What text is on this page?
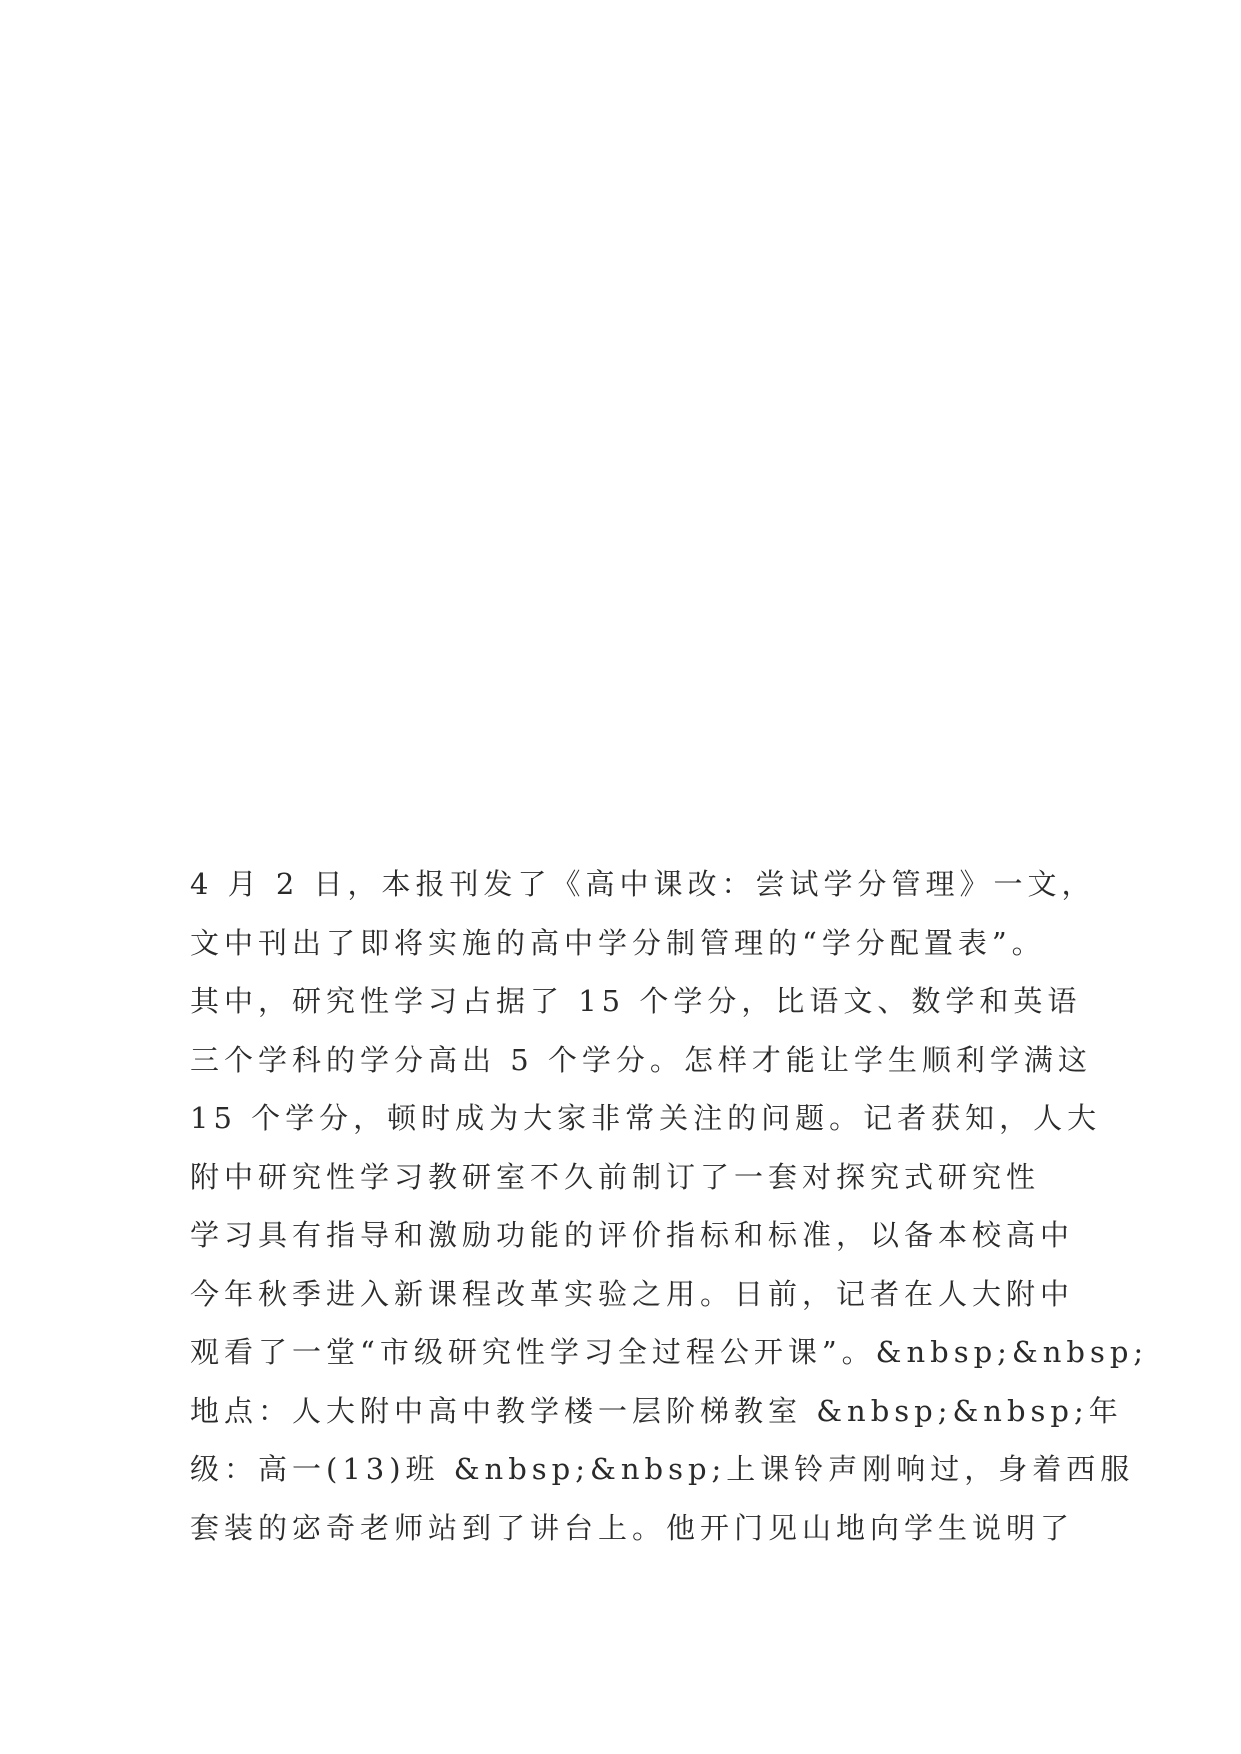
4 月 2 日，本报刊发了《高中课改：尝试学分管理》一文，
文中刊出了即将实施的高中学分制管理的“学分配置表”。
其中，研究性学习占据了 15 个学分，比语文、数学和英语
三个学科的学分高出 5 个学分。怎样才能让学生顺利学满这
15 个学分，顿时成为大家非常关注的问题。记者获知，人大
附中研究性学习教研室不久前制订了一套对探究式研究性
学习具有指导和激励功能的评价指标和标准，以备本校高中
今年秋季进入新课程改革实验之用。日前，记者在人大附中
观看了一堂“市级研究性学习全过程公开课”。&nbsp;&nbsp;
地点：人大附中高中教学楼一层阶梯教室 &nbsp;&nbsp;年
级：高一(13)班 &nbsp;&nbsp;上课铃声刚响过，身着西服
套装的宓奇老师站到了讲台上。他开门见山地向学生说明了
